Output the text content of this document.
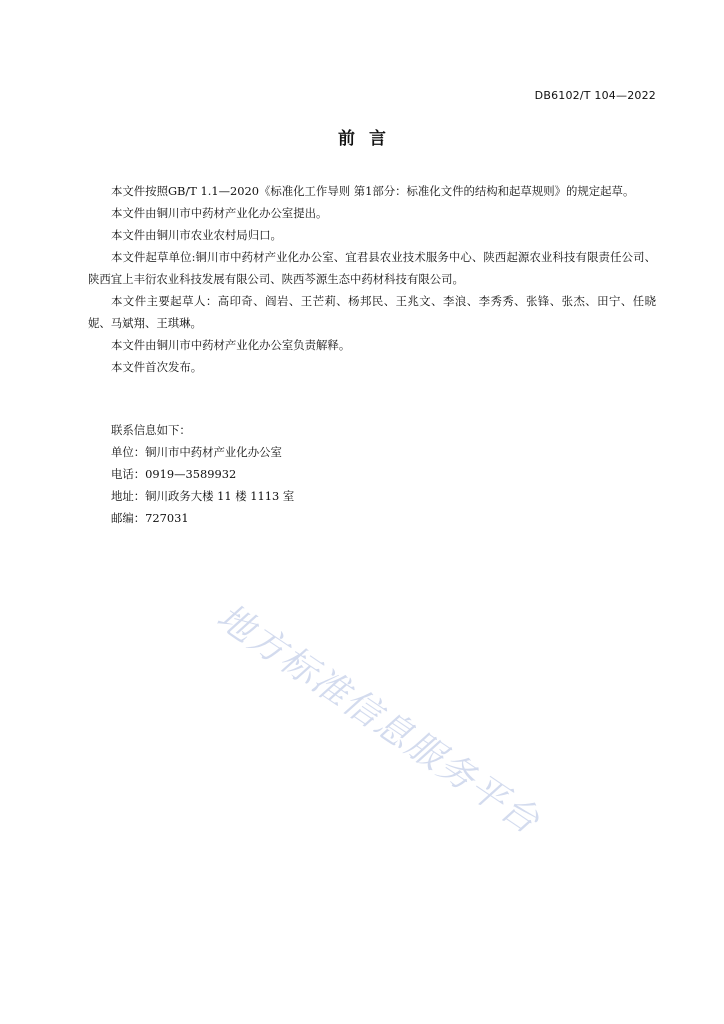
DB6102/T 104—2022
前言

本文件按照GB/T 1.1—2020《标准化工作导则 第1部分：标准化文件的结构和起草规则》的规定起草。

本文件由铜川市中药材产业化办公室提出。

本文件由铜川市农业农村局归口。

本文件起草单位:铜川市中药材产业化办公室、宜君县农业技术服务中心、陕西起源农业科技有限责任公司、陕西宜上丰衍农业科技发展有限公司、陕西芩源生态中药材科技有限公司。

本文件主要起草人：高印奇、阎岩、王芒莉、杨邦民、王兆文、李浪、李秀秀、张锋、张杰、田宁、任晓妮、马斌翔、王琪琳。

本文件由铜川市中药材产业化办公室负责解释。

本文件首次发布。

联系信息如下：
单位：铜川市中药材产业化办公室
电话：0919—3589932
地址：铜川政务大楼 11 楼 1113 室
邮编：727031
地方标准信息服务平台
